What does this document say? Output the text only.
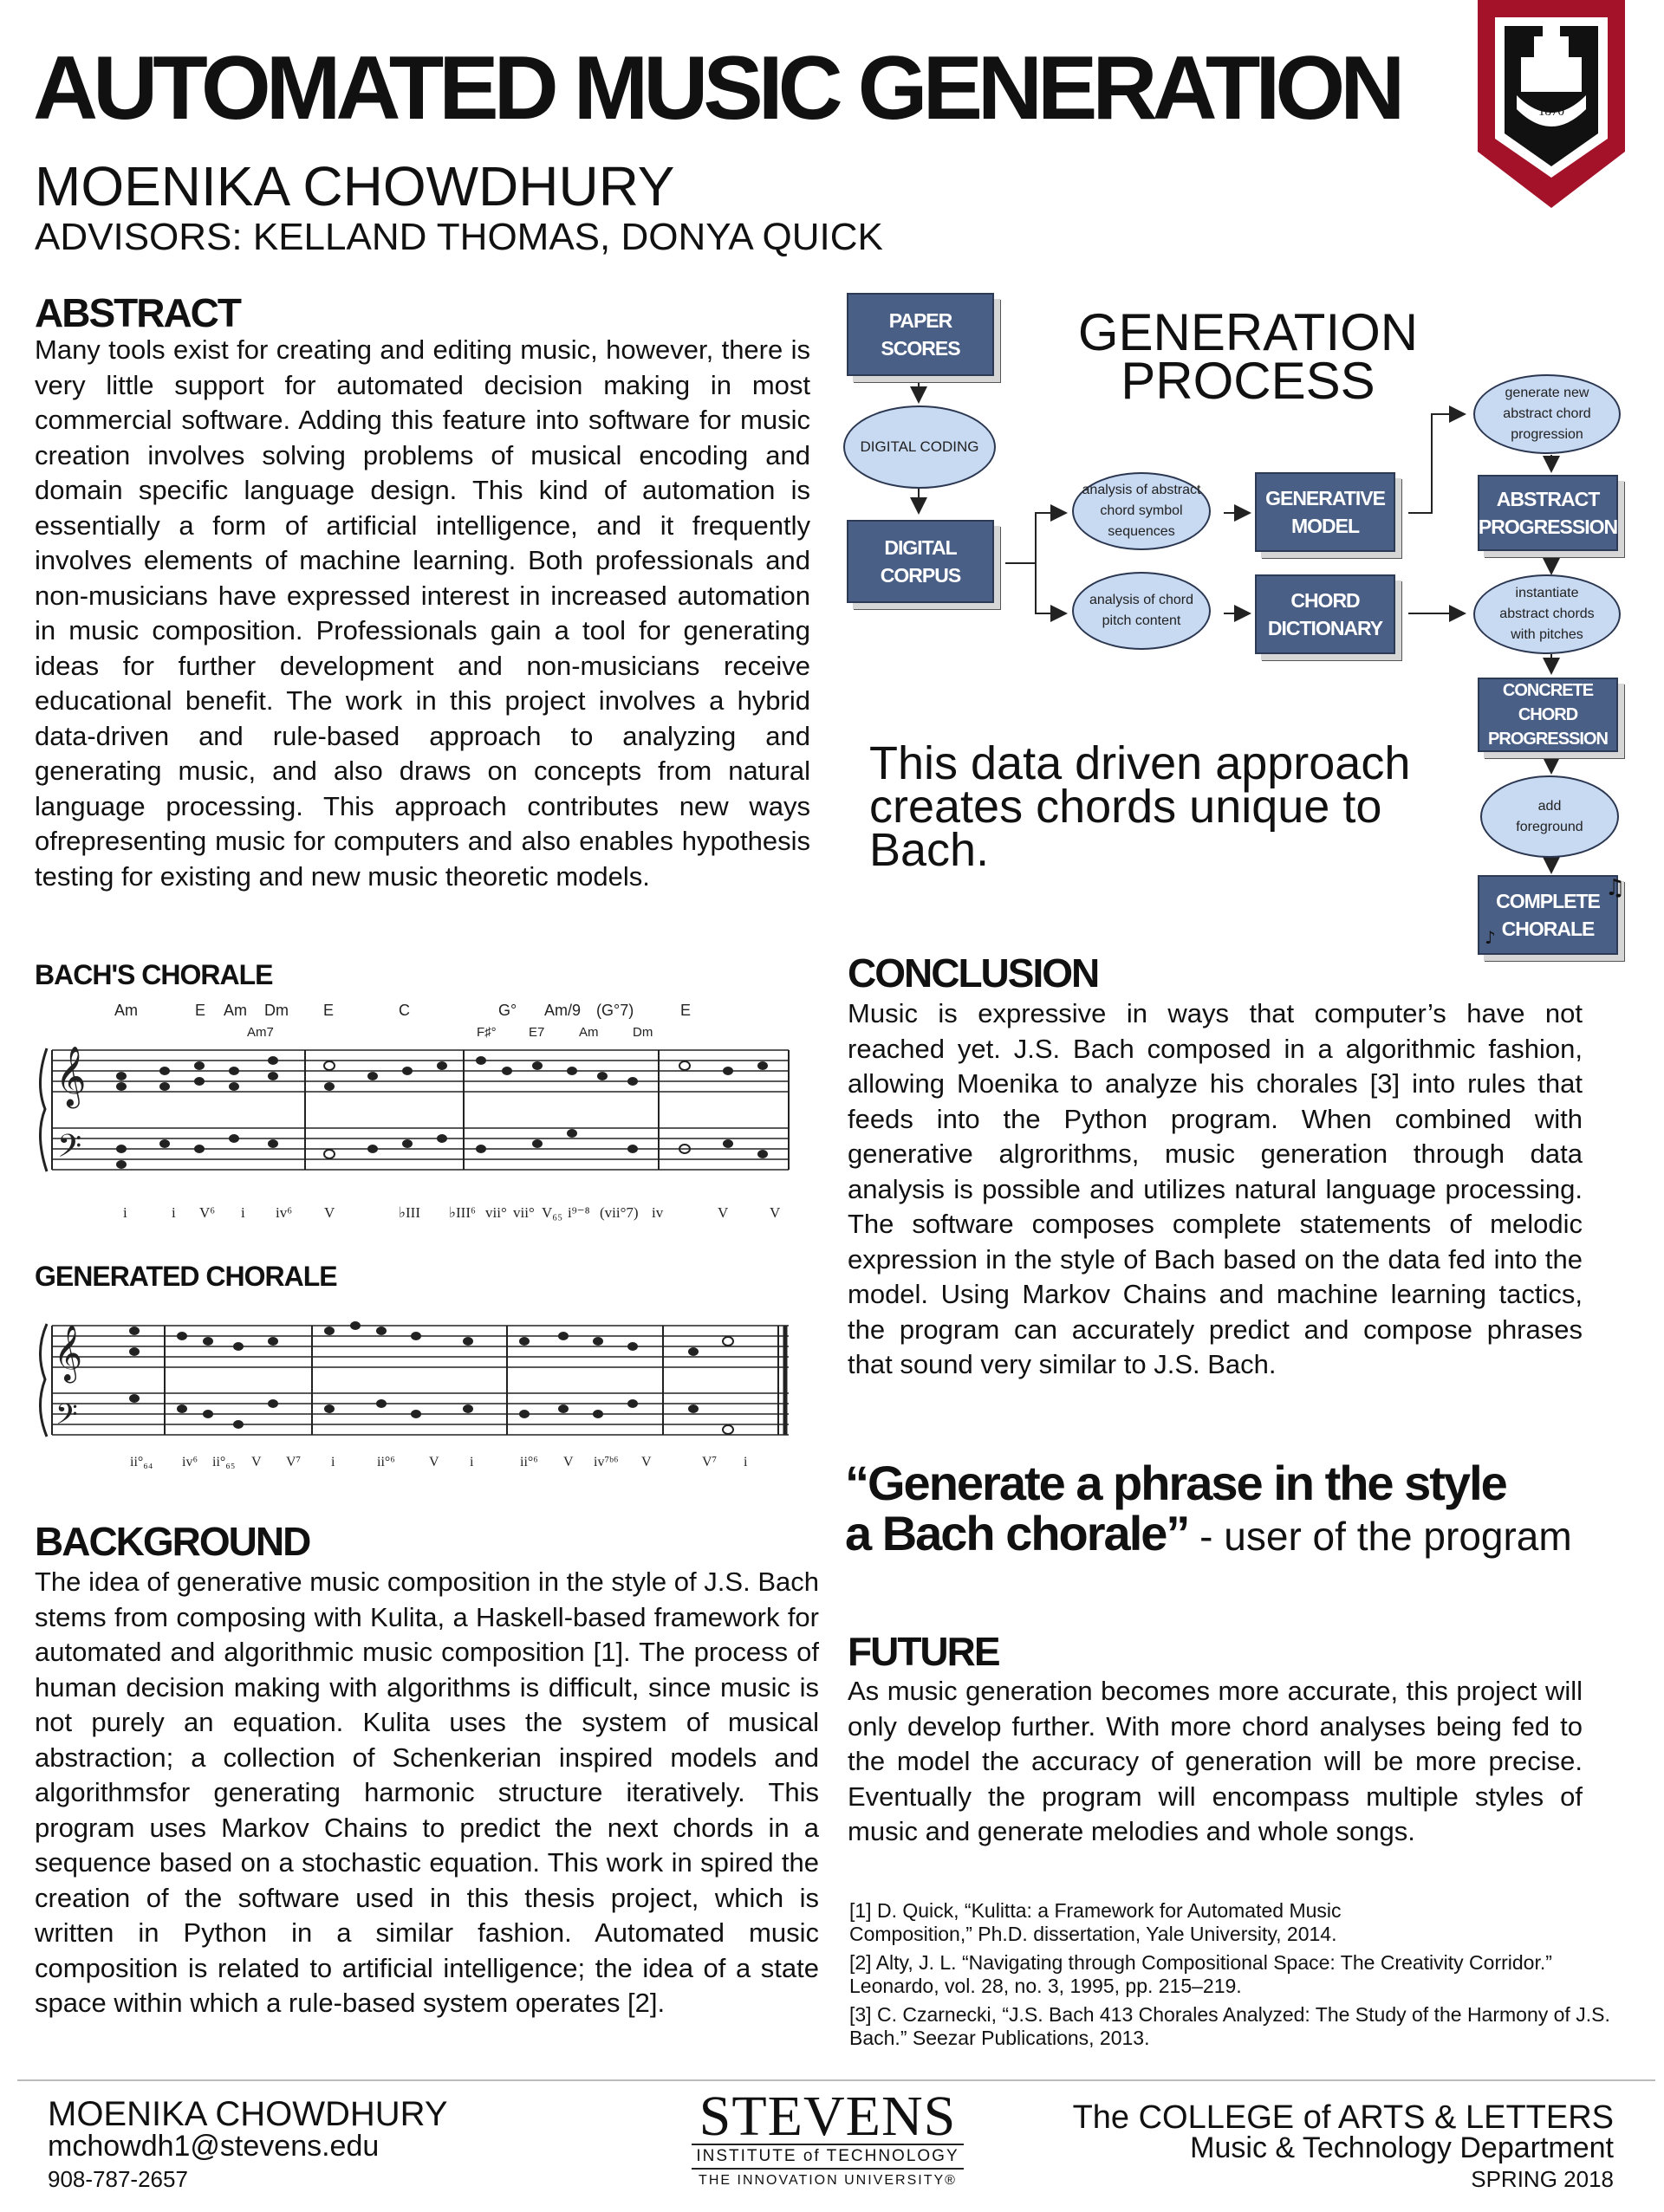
AUTOMATED MUSIC GENERATION
MOENIKA CHOWDHURY
ADVISORS: KELLAND THOMAS, DONYA QUICK
1870
ABSTRACT
Many tools exist for creating and editing music, however, there is very little support for automated decision making in most commercial software. Adding this feature into software for music creation involves solving problems of musical encoding and domain specific language design. This kind of automation is essentially a form of artificial intelligence, and it frequently involves elements of machine learning. Both professionals and non-musicians have expressed interest in increased automation in music composition. Professionals gain a tool for generating ideas for further development and non-musicians receive educational benefit. The work in this project involves a hybrid data-driven and rule-based approach to analyzing and generating music, and also draws on concepts from natural language processing. This approach contributes new ways ofrepresenting music for computers and also enables hypothesis testing for existing and new music theoretic models.
BACH'S CHORALE
Am	E Am Dm E	C	G° Am/9 (G°7)	E
Am7	F♯° E7	Am	Dm
𝄞
𝄢
i	i V⁶ i iv⁶ V	♭III ♭III⁶ vii° vii° V₆₅ i⁹⁻⁸ (vii°7) iv	V	V
GENERATED CHORALE
𝄞
𝄢
ii°₆₄ iv⁶ ii°₆₅ V V⁷ i	ii°⁶ V i	ii°⁶ V iv⁷ᵇ⁶ V	V⁷ i
BACKGROUND
The idea of generative music composition in the style of J.S. Bach stems from composing with Kulita, a Haskell-based framework for automated and algorithmic music composition [1]. The process of human decision making with algorithms is difficult, since music is not purely an equation. Kulita uses the system of musical abstraction; a collection of Schenkerian inspired models and algorithmsfor generating harmonic structure iteratively. This program uses Markov Chains to predict the next chords in a sequence based on a stochastic equation. This work in spired the creation of the software used in this thesis project, which is written in Python in a similar fashion. Automated music composition is related to artificial intelligence; the idea of a state space within which a rule-based system operates [2].
GENERATION
PROCESS
PAPER SCORES
DIGITAL CODING
DIGITAL CORPUS
analysis of abstract chord symbol sequences
analysis of chord pitch content
GENERATIVE MODEL
CHORD DICTIONARY
generate new abstract chord progression
ABSTRACT PROGRESSION
instantiate abstract chords with pitches
CONCRETE CHORD PROGRESSION
add foreground
COMPLETE CHORALE
♫
♪
This data driven approach creates chords unique to Bach.
CONCLUSION
Music is expressive in ways that computer’s have not reached yet. J.S. Bach composed in a algorithmic fashion, allowing Moenika to analyze his chorales [3] into rules that feeds into the Python program. When combined with generative algrorithms, music generation through data analysis is possible and utilizes natural language processing. The software composes complete statements of melodic expression in the style of Bach based on the data fed into the model. Using Markov Chains and machine learning tactics, the program can accurately predict and compose phrases that sound very similar to J.S. Bach.
“Generate a phrase in the style
a Bach chorale” - user of the program
FUTURE
As music generation becomes more accurate, this project will only develop further. With more chord analyses being fed to the model the accuracy of generation will be more precise. Eventually the program will encompass multiple styles of music and generate melodies and whole songs.
[1] D. Quick, “Kulitta: a Framework for Automated Music Composition,” Ph.D. dissertation, Yale University, 2014.
[2] Alty, J. L. “Navigating through Compositional Space: The Creativity Corridor.” Leonardo, vol. 28, no. 3, 1995, pp. 215–219.
[3] C. Czarnecki, “J.S. Bach 413 Chorales Analyzed: The Study of the Harmony of J.S. Bach.” Seezar Publications, 2013.
MOENIKA CHOWDHURY
mchowdh1@stevens.edu
908-787-2657
STEVENS
INSTITUTE of TECHNOLOGY
THE INNOVATION UNIVERSITY®
The COLLEGE of ARTS & LETTERS
Music & Technology Department
SPRING 2018
